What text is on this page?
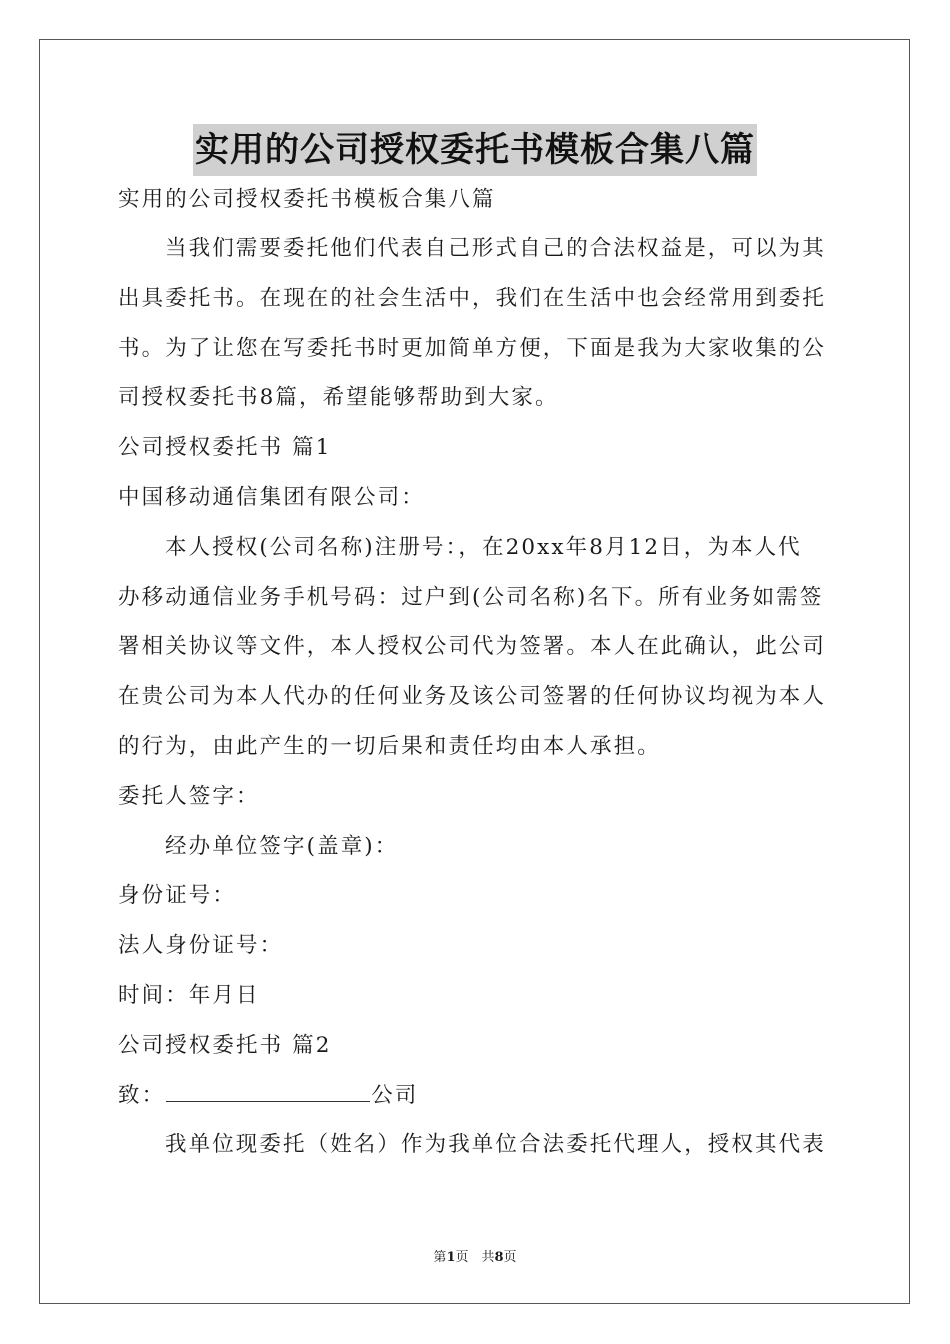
实用的公司授权委托书模板合集八篇
实用的公司授权委托书模板合集八篇
当我们需要委托他们代表自己形式自己的合法权益是，可以为其
出具委托书。在现在的社会生活中，我们在生活中也会经常用到委托
书。为了让您在写委托书时更加简单方便，下面是我为大家收集的公
司授权委托书8篇，希望能够帮助到大家。
公司授权委托书 篇1
中国移动通信集团有限公司：
本人授权(公司名称)注册号：，在20xx年8月12日，为本人代
办移动通信业务手机号码：过户到(公司名称)名下。所有业务如需签
署相关协议等文件，本人授权公司代为签署。本人在此确认，此公司
在贵公司为本人代办的任何业务及该公司签署的任何协议均视为本人
的行为，由此产生的一切后果和责任均由本人承担。
委托人签字：
经办单位签字(盖章)：
身份证号：
法人身份证号：
时间：年月日
公司授权委托书 篇2
致：	公司
我单位现委托（姓名）作为我单位合法委托代理人，授权其代表
第1页　共8页
